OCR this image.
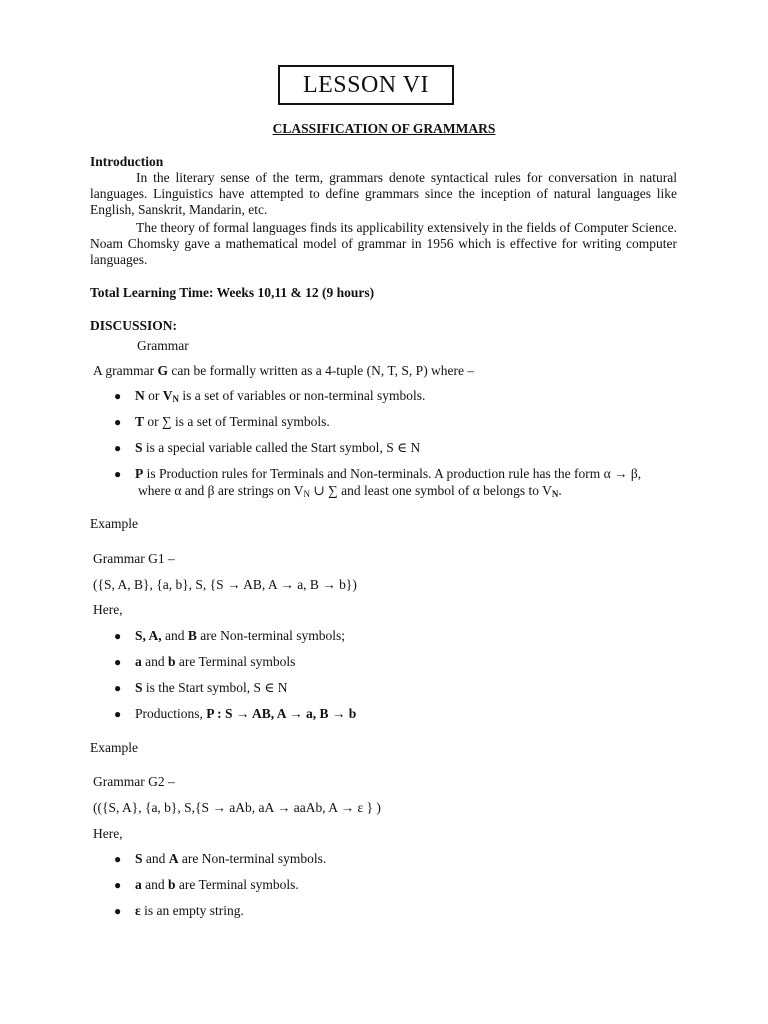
LESSON VI
CLASSIFICATION OF GRAMMARS
Introduction

In the literary sense of the term, grammars denote syntactical rules for conversation in natural languages. Linguistics have attempted to define grammars since the inception of natural languages like English, Sanskrit, Mandarin, etc.

The theory of formal languages finds its applicability extensively in the fields of Computer Science. Noam Chomsky gave a mathematical model of grammar in 1956 which is effective for writing computer languages.

Total Learning Time: Weeks 10,11 & 12 (9 hours)
DISCUSSION:
Grammar
A grammar G can be formally written as a 4-tuple (N, T, S, P) where –
● N or $V_N$ is a set of variables or non-terminal symbols.
● T or ∑ is a set of Terminal symbols.
● S is a special variable called the Start symbol, S ∈ N
● P is Production rules for Terminals and Non-terminals. A production rule has the form α → β,
where α and β are strings on $V_N$ ∪ ∑ and least one symbol of α belongs to $V_N$.
Example
Grammar G1 –
({S, A, B}, {a, b}, S, {S → AB, A → a, B → b})
Here,
● S, A, and B are Non-terminal symbols;
● a and b are Terminal symbols
● S is the Start symbol, S ∈ N
● Productions, P : S → AB, A → a, B → b
Example
Grammar G2 –
(({S, A}, {a, b}, S,{S → aAb, aA → aaAb, A → ε } )
Here,
● S and A are Non-terminal symbols.
● a and b are Terminal symbols.
● ε is an empty string.
